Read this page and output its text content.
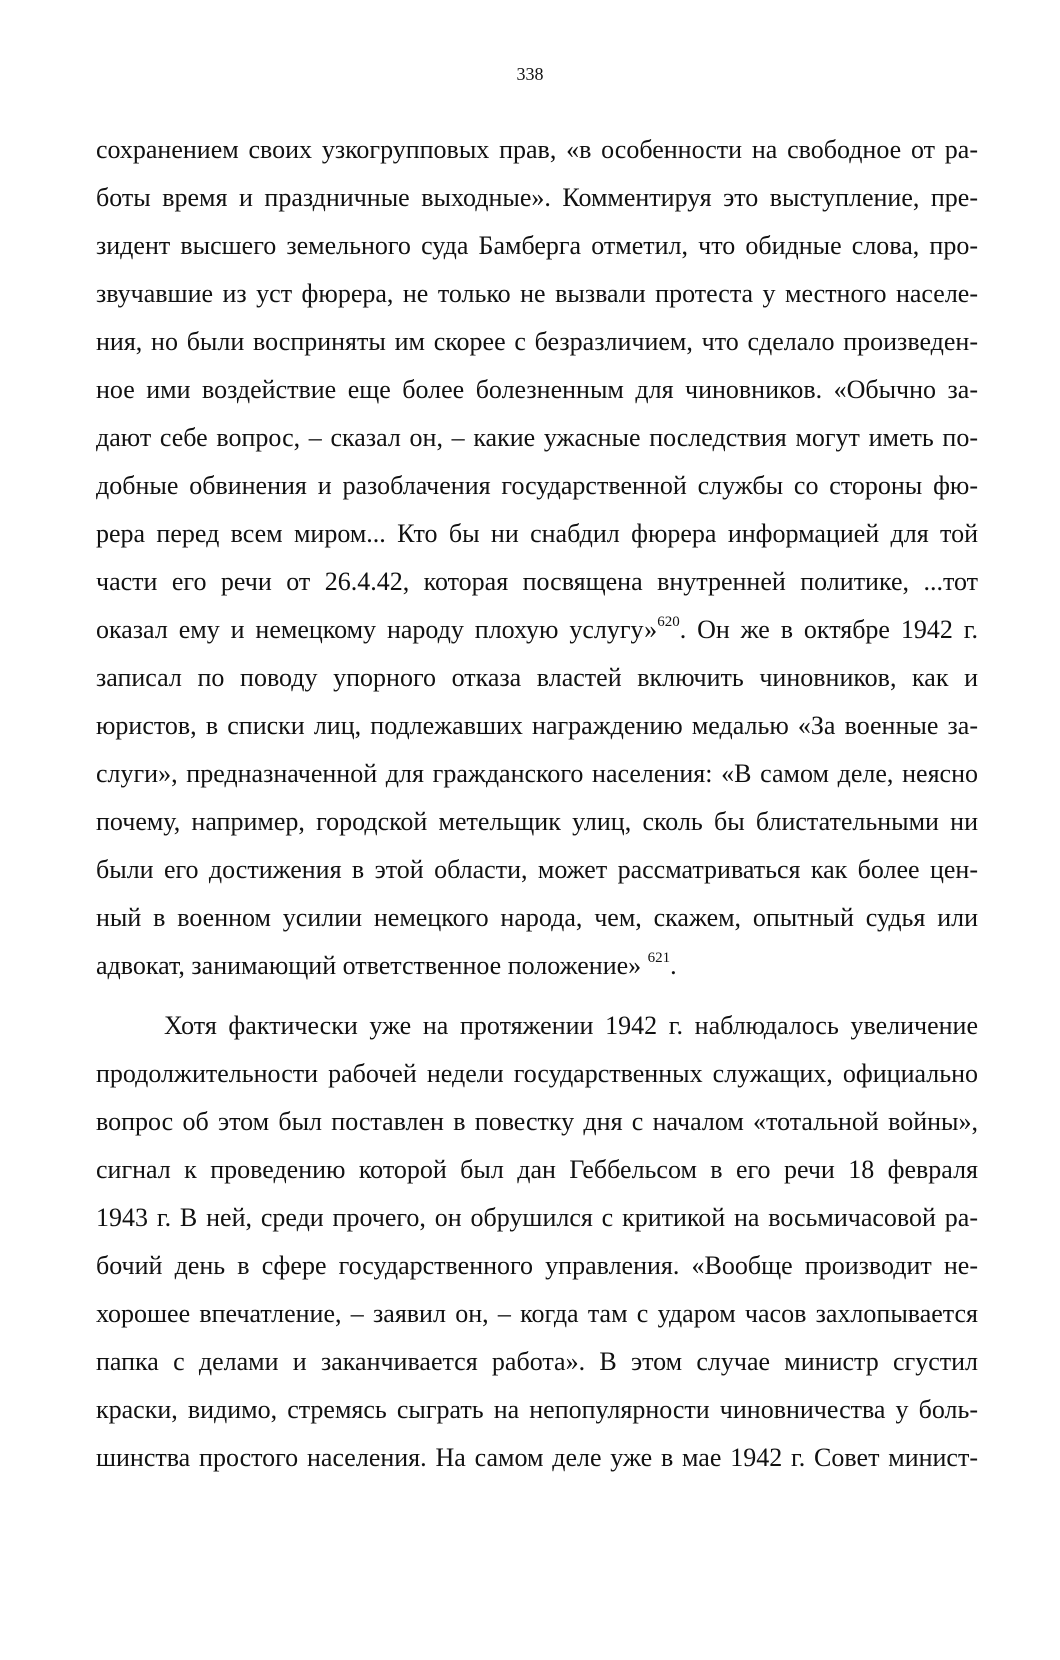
338
сохранением своих узкогрупповых прав, «в особенности на свободное от ра-
боты время и праздничные выходные». Комментируя это выступление, пре-
зидент высшего земельного суда Бамберга отметил, что обидные слова, про-
звучавшие из уст фюрера, не только не вызвали протеста у местного населе-
ния, но были восприняты им скорее с безразличием, что сделало произведен-
ное ими воздействие еще более болезненным для чиновников. «Обычно за-
дают себе вопрос, – сказал он, – какие ужасные последствия могут иметь по-
добные обвинения и разоблачения государственной службы со стороны фю-
рера перед всем миром... Кто бы ни снабдил фюрера информацией для той
части его речи от 26.4.42, которая посвящена внутренней политике, ...тот
оказал ему и немецкому народу плохую услугу»$^{620}$. Он же в октябре 1942 г.
записал по поводу упорного отказа властей включить чиновников, как и
юристов, в списки лиц, подлежавших награждению медалью «За военные за-
слуги», предназначенной для гражданского населения: «В самом деле, неясно
почему, например, городской метельщик улиц, сколь бы блистательными ни
были его достижения в этой области, может рассматриваться как более цен-
ный в военном усилии немецкого народа, чем, скажем, опытный судья или
адвокат, занимающий ответственное положение» $^{621}$.
Хотя фактически уже на протяжении 1942 г. наблюдалось увеличение
продолжительности рабочей недели государственных служащих, официально
вопрос об этом был поставлен в повестку дня с началом «тотальной войны»,
сигнал к проведению которой был дан Геббельсом в его речи 18 февраля
1943 г. В ней, среди прочего, он обрушился с критикой на восьмичасовой ра-
бочий день в сфере государственного управления. «Вообще производит не-
хорошее впечатление, – заявил он, – когда там с ударом часов захлопывается
папка с делами и заканчивается работа». В этом случае министр сгустил
краски, видимо, стремясь сыграть на непопулярности чиновничества у боль-
шинства простого населения. На самом деле уже в мае 1942 г. Совет минист-
